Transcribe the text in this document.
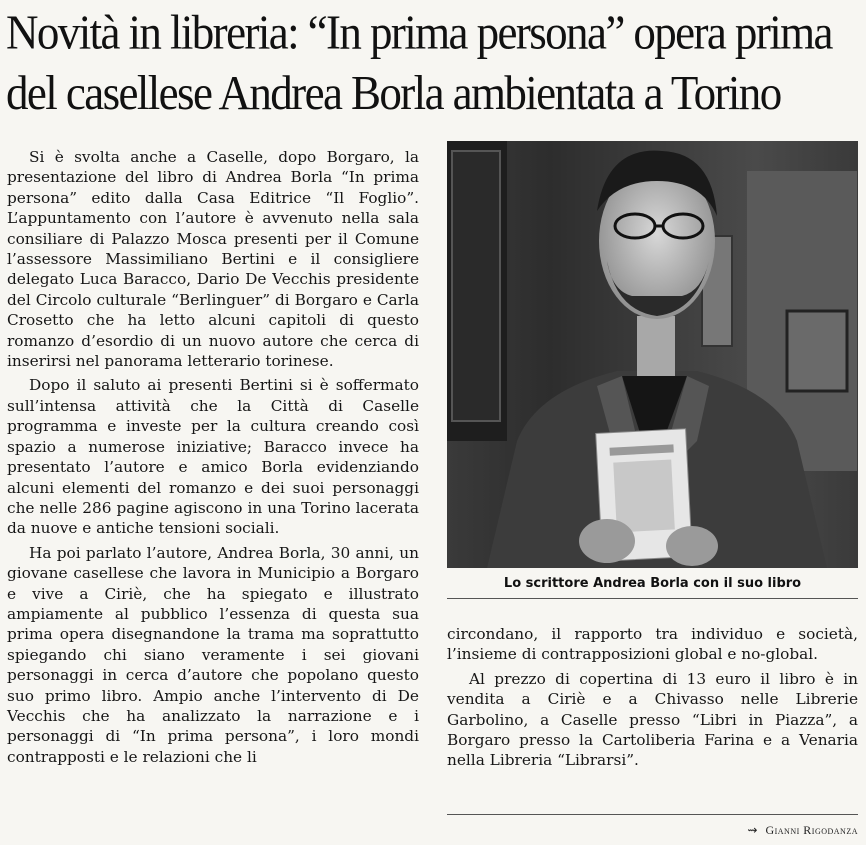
Novità in libreria: “In prima persona” opera prima del casellese Andrea Borla ambientata a Torino

Si è svolta anche a Caselle, dopo Borgaro, la presentazione del libro di Andrea Borla “In prima persona” edito dalla Casa Editrice “Il Foglio”. L’appuntamento con l’autore è avvenuto nella sala consiliare di Palazzo Mosca presenti per il Comune l’assessore Massimiliano Bertini e il consigliere delegato Luca Baracco, Dario De Vecchis presidente del Circolo culturale “Berlinguer” di Borgaro e Carla Crosetto che ha letto alcuni capitoli di questo romanzo d’esordio di un nuovo autore che cerca di inserirsi nel panorama letterario torinese.

Dopo il saluto ai presenti Bertini si è soffermato sull’intensa attività che la Città di Caselle programma e investe per la cultura creando così spazio a numerose iniziative; Baracco invece ha presentato l’autore e amico Borla evidenziando alcuni elementi del romanzo e dei suoi personaggi che nelle 286 pagine agiscono in una Torino lacerata da nuove e antiche tensioni sociali.

Ha poi parlato l’autore, Andrea Borla, 30 anni, un giovane casellese che lavora in Municipio a Borgaro e vive a Ciriè, che ha spiegato e illustrato ampiamente al pubblico l’essenza di questa sua prima opera disegnandone la trama ma soprattutto spiegando chi siano veramente i sei giovani personaggi in cerca d’autore che popolano questo suo primo libro. Ampio anche l’intervento di De Vecchis che ha analizzato la narrazione e i personaggi di “In prima persona”, i loro mondi contrapposti e le relazioni che li

Lo scrittore Andrea Borla con il suo libro

circondano, il rapporto tra individuo e società, l’insieme di contrapposizioni global e no-global.

Al prezzo di copertina di 13 euro il libro è in vendita a Ciriè e a Chivasso nelle Librerie Garbolino, a Caselle presso “Libri in Piazza”, a Borgaro presso la Cartoliberia Farina e a Venaria nella Libreria “Librarsi”.

⇝ Gianni Rigodanza
